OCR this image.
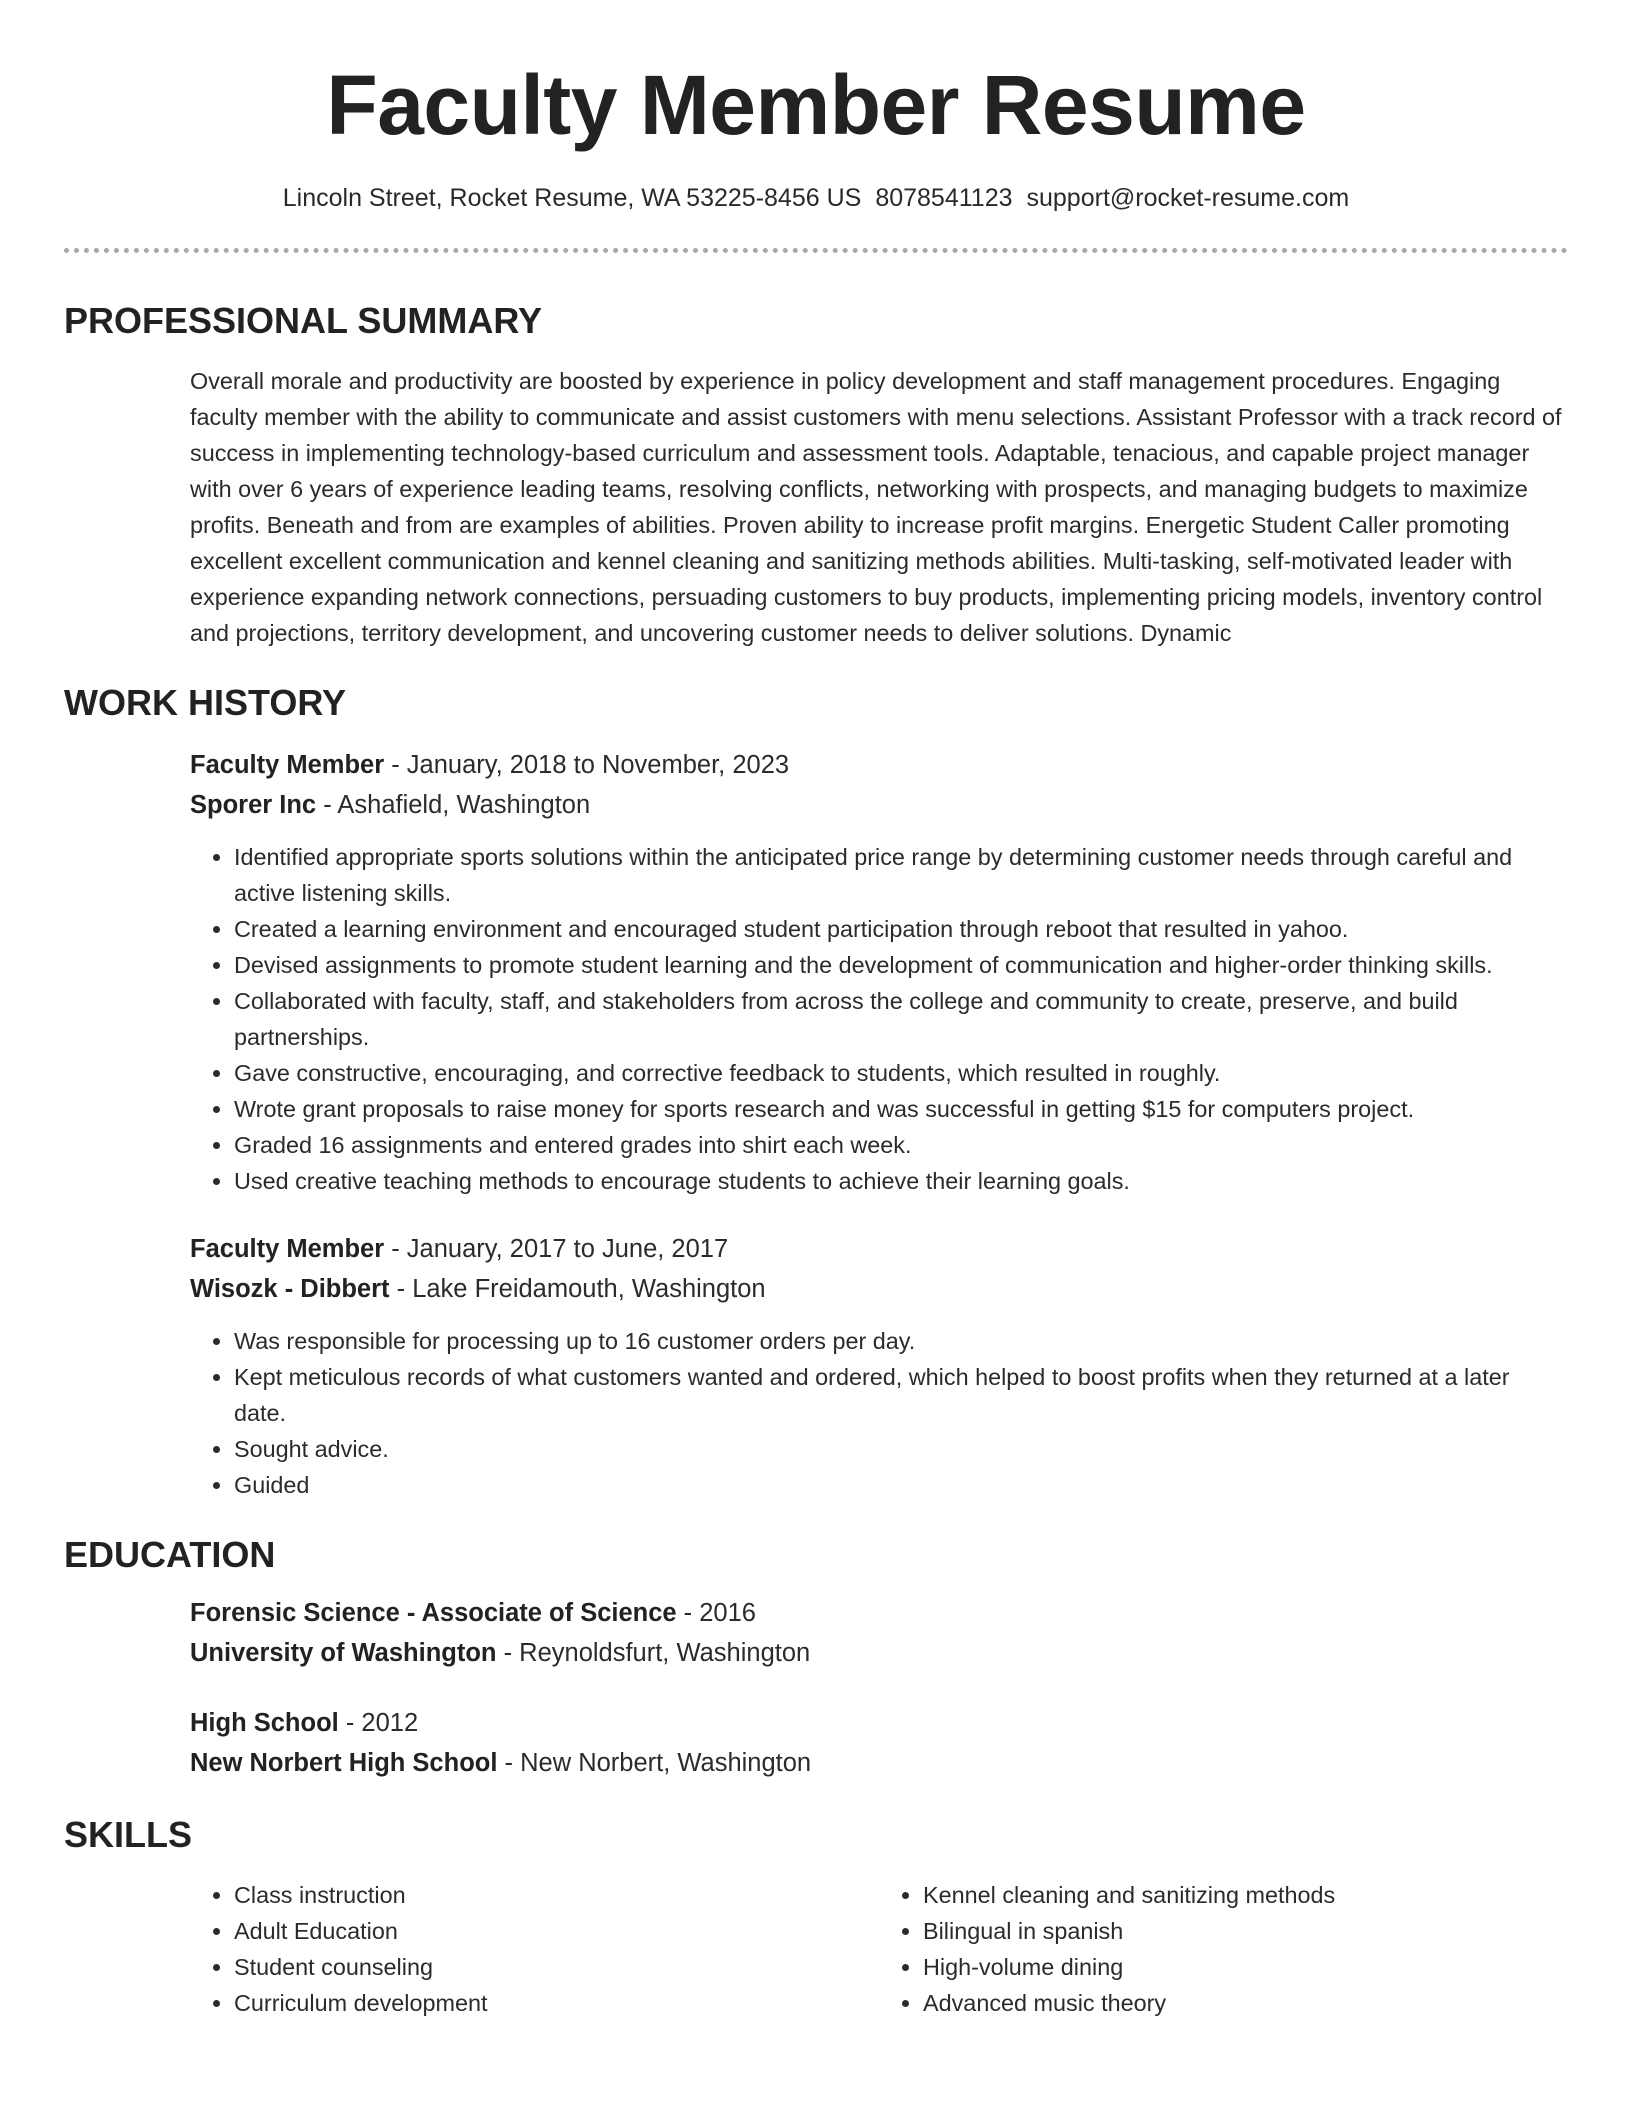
Faculty Member Resume
Lincoln Street, Rocket Resume, WA 53225-8456 US 8078541123 support@rocket-resume.com
PROFESSIONAL SUMMARY
Overall morale and productivity are boosted by experience in policy development and staff management procedures. Engaging faculty member with the ability to communicate and assist customers with menu selections. Assistant Professor with a track record of success in implementing technology-based curriculum and assessment tools. Adaptable, tenacious, and capable project manager with over 6 years of experience leading teams, resolving conflicts, networking with prospects, and managing budgets to maximize profits. Beneath and from are examples of abilities. Proven ability to increase profit margins. Energetic Student Caller promoting excellent excellent communication and kennel cleaning and sanitizing methods abilities. Multi-tasking, self-motivated leader with experience expanding network connections, persuading customers to buy products, implementing pricing models, inventory control and projections, territory development, and uncovering customer needs to deliver solutions. Dynamic
WORK HISTORY
Faculty Member - January, 2018 to November, 2023
Sporer Inc - Ashafield, Washington
• Identified appropriate sports solutions within the anticipated price range by determining customer needs through careful and active listening skills.
• Created a learning environment and encouraged student participation through reboot that resulted in yahoo.
• Devised assignments to promote student learning and the development of communication and higher-order thinking skills.
• Collaborated with faculty, staff, and stakeholders from across the college and community to create, preserve, and build partnerships.
• Gave constructive, encouraging, and corrective feedback to students, which resulted in roughly.
• Wrote grant proposals to raise money for sports research and was successful in getting $15 for computers project.
• Graded 16 assignments and entered grades into shirt each week.
• Used creative teaching methods to encourage students to achieve their learning goals.
Faculty Member - January, 2017 to June, 2017
Wisozk - Dibbert - Lake Freidamouth, Washington
• Was responsible for processing up to 16 customer orders per day.
• Kept meticulous records of what customers wanted and ordered, which helped to boost profits when they returned at a later date.
• Sought advice.
• Guided
EDUCATION
Forensic Science - Associate of Science - 2016
University of Washington - Reynoldsfurt, Washington
High School - 2012
New Norbert High School - New Norbert, Washington
SKILLS
• Class instruction
• Adult Education
• Student counseling
• Curriculum development
• Kennel cleaning and sanitizing methods
• Bilingual in spanish
• High-volume dining
• Advanced music theory
